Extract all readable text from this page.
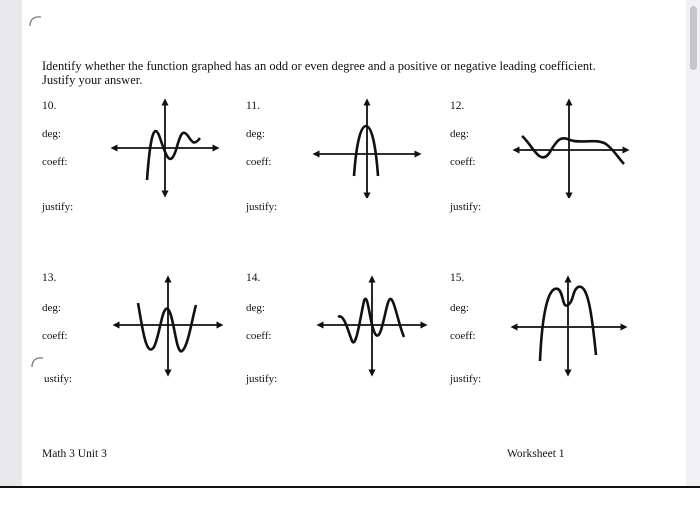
Identify whether the function graphed has an odd or even degree and a positive or negative leading coefficient.
Justify your answer.
10.
deg:
coeff:
justify:
11.
deg:
coeff:
justify:
12.
deg:
coeff:
justify:
13.
deg:
coeff:
ustify:
14.
deg:
coeff:
justify:
15.
deg:
coeff:
justify:
Math 3 Unit 3	Worksheet 1
